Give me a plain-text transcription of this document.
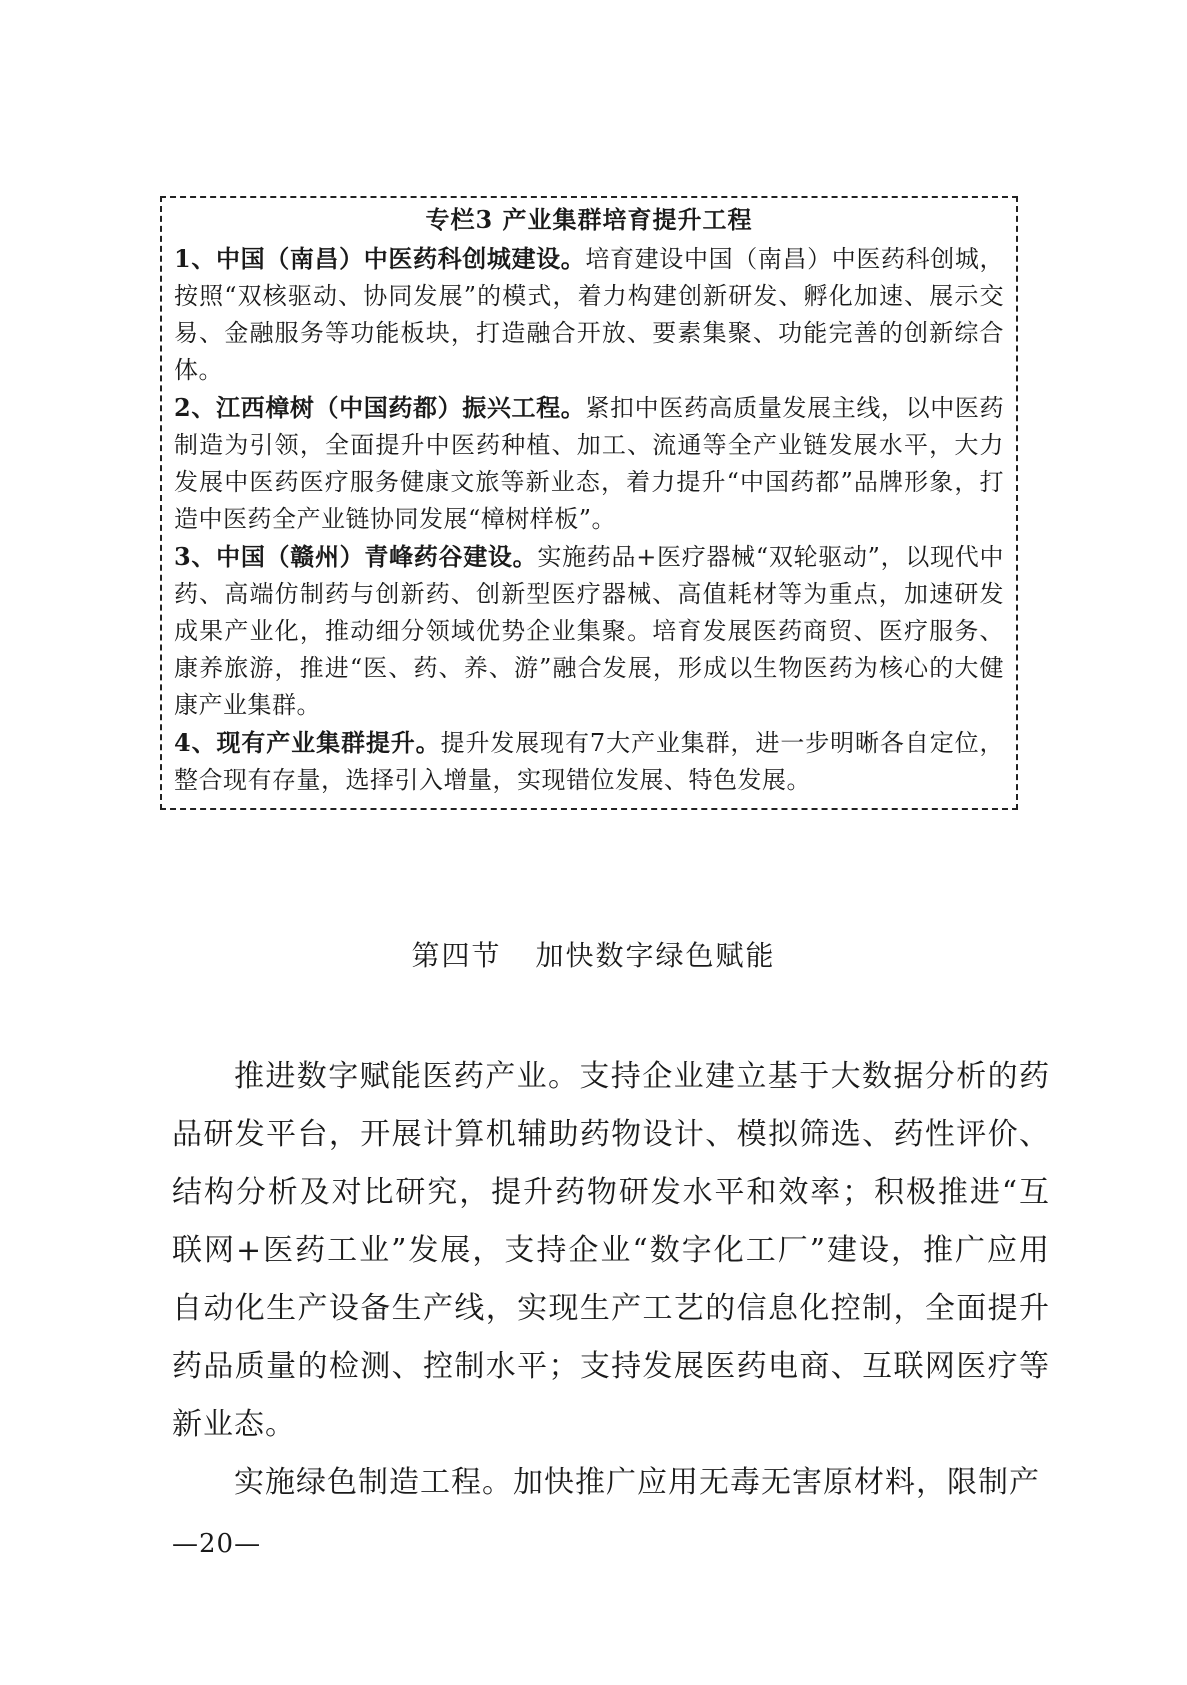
专栏3 产业集群培育提升工程

1、中国（南昌）中医药科创城建设。培育建设中国（南昌）中医药科创城，按照“双核驱动、协同发展”的模式，着力构建创新研发、孵化加速、展示交易、金融服务等功能板块，打造融合开放、要素集聚、功能完善的创新综合体。

2、江西樟树（中国药都）振兴工程。紧扣中医药高质量发展主线，以中医药制造为引领，全面提升中医药种植、加工、流通等全产业链发展水平，大力发展中医药医疗服务健康文旅等新业态，着力提升“中国药都”品牌形象，打造中医药全产业链协同发展“樟树样板”。

3、中国（赣州）青峰药谷建设。实施药品+医疗器械“双轮驱动”，以现代中药、高端仿制药与创新药、创新型医疗器械、高值耗材等为重点，加速研发成果产业化，推动细分领域优势企业集聚。培育发展医药商贸、医疗服务、康养旅游，推进“医、药、养、游”融合发展，形成以生物医药为核心的大健康产业集群。

4、现有产业集群提升。提升发展现有7大产业集群，进一步明晰各自定位，整合现有存量，选择引入增量，实现错位发展、特色发展。

第四节 加快数字绿色赋能

推进数字赋能医药产业。支持企业建立基于大数据分析的药品研发平台，开展计算机辅助药物设计、模拟筛选、药性评价、结构分析及对比研究，提升药物研发水平和效率；积极推进“互联网+医药工业”发展，支持企业“数字化工厂”建设，推广应用自动化生产设备生产线，实现生产工艺的信息化控制，全面提升药品质量的检测、控制水平；支持发展医药电商、互联网医疗等新业态。

实施绿色制造工程。加快推广应用无毒无害原材料，限制产

—20—
